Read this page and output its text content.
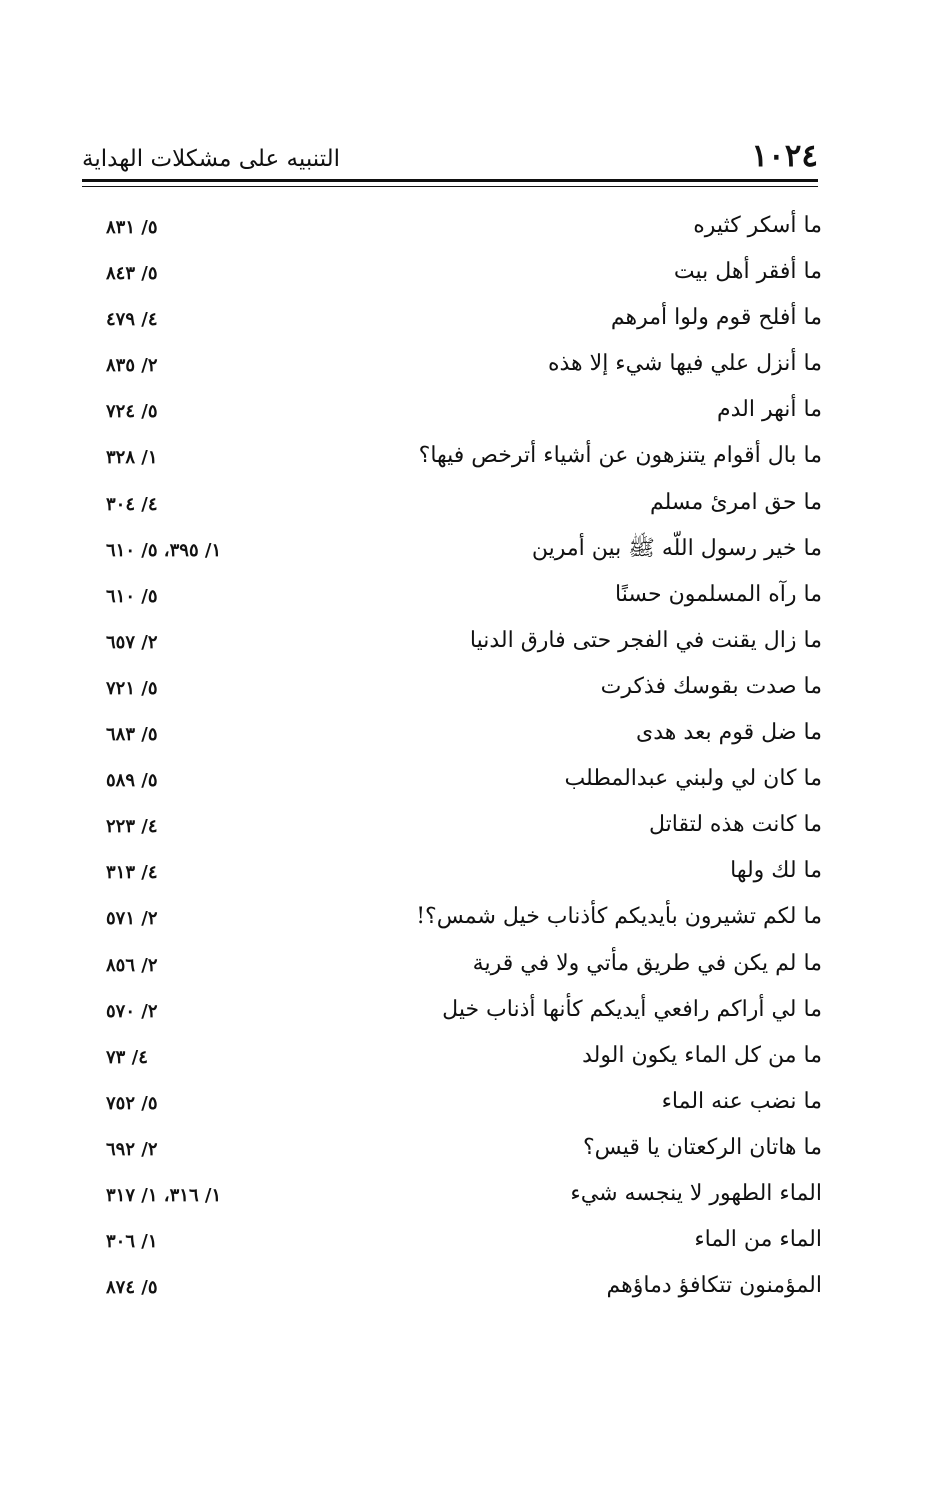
١٠٢٤
التنبيه على مشكلات الهداية
ما أسكر كثيره
٥/ ٨٣١
ما أفقر أهل بيت
٥/ ٨٤٣
ما أفلح قوم ولوا أمرهم
٤/ ٤٧٩
ما أنزل علي فيها شيء إلا هذه
٢/ ٨٣٥
ما أنهر الدم
٥/ ٧٢٤
ما بال أقوام يتنزهون عن أشياء أترخص فيها؟
١/ ٣٢٨
ما حق امرئ مسلم
٤/ ٣٠٤
ما خير رسول اللّه ﷺ بين أمرين
١/ ٣٩٥، ٥/ ٦١٠
ما رآه المسلمون حسنًا
٥/ ٦١٠
ما زال يقنت في الفجر حتى فارق الدنيا
٢/ ٦٥٧
ما صدت بقوسك فذكرت
٥/ ٧٢١
ما ضل قوم بعد هدى
٥/ ٦٨٣
ما كان لي ولبني عبدالمطلب
٥/ ٥٨٩
ما كانت هذه لتقاتل
٤/ ٢٢٣
ما لك ولها
٤/ ٣١٣
ما لكم تشيرون بأيديكم كأذناب خيل شمس؟!
٢/ ٥٧١
ما لم يكن في طريق مأتي ولا في قرية
٢/ ٨٥٦
ما لي أراكم رافعي أيديكم كأنها أذناب خيل
٢/ ٥٧٠
ما من كل الماء يكون الولد
٤/ ٧٣
ما نضب عنه الماء
٥/ ٧٥٢
ما هاتان الركعتان يا قيس؟
٢/ ٦٩٢
الماء الطهور لا ينجسه شيء
١/ ٣١٦، ١/ ٣١٧
الماء من الماء
١/ ٣٠٦
المؤمنون تتكافؤ دماؤهم
٥/ ٨٧٤
